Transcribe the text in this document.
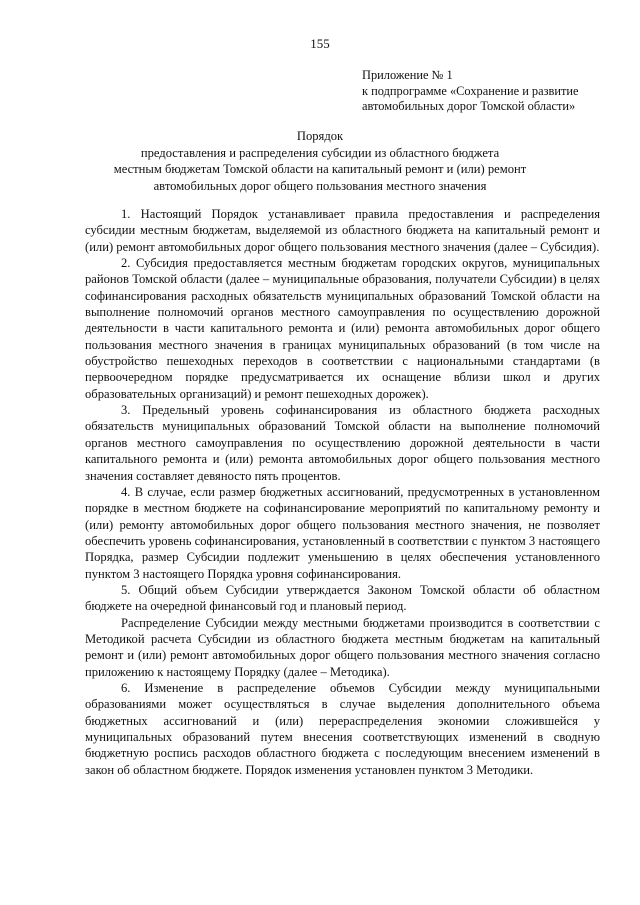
155
Приложение № 1
к подпрограмме «Сохранение и развитие
автомобильных дорог Томской области»
Порядок
предоставления и распределения субсидии из областного бюджета
местным бюджетам Томской области на капитальный ремонт и (или) ремонт
автомобильных дорог общего пользования местного значения

1. Настоящий Порядок устанавливает правила предоставления и распределения субсидии местным бюджетам, выделяемой из областного бюджета на капитальный ремонт и (или) ремонт автомобильных дорог общего пользования местного значения (далее – Субсидия).

2. Субсидия предоставляется местным бюджетам городских округов, муниципальных районов Томской области (далее – муниципальные образования, получатели Субсидии) в целях софинансирования расходных обязательств муниципальных образований Томской области на выполнение полномочий органов местного самоуправления по осуществлению дорожной деятельности в части капитального ремонта и (или) ремонта автомобильных дорог общего пользования местного значения в границах муниципальных образований (в том числе на обустройство пешеходных переходов в соответствии с национальными стандартами (в первоочередном порядке предусматривается их оснащение вблизи школ и других образовательных организаций) и ремонт пешеходных дорожек).

3. Предельный уровень софинансирования из областного бюджета расходных обязательств муниципальных образований Томской области на выполнение полномочий органов местного самоуправления по осуществлению дорожной деятельности в части капитального ремонта и (или) ремонта автомобильных дорог общего пользования местного значения составляет девяносто пять процентов.

4. В случае, если размер бюджетных ассигнований, предусмотренных в установленном порядке в местном бюджете на софинансирование мероприятий по капитальному ремонту и (или) ремонту автомобильных дорог общего пользования местного значения, не позволяет обеспечить уровень софинансирования, установленный в соответствии с пунктом 3 настоящего Порядка, размер Субсидии подлежит уменьшению в целях обеспечения установленного пунктом 3 настоящего Порядка уровня софинансирования.

5. Общий объем Субсидии утверждается Законом Томской области об областном бюджете на очередной финансовый год и плановый период.

Распределение Субсидии между местными бюджетами производится в соответствии с Методикой расчета Субсидии из областного бюджета местным бюджетам на капитальный ремонт и (или) ремонт автомобильных дорог общего пользования местного значения согласно приложению к настоящему Порядку (далее – Методика).

6. Изменение в распределение объемов Субсидии между муниципальными образованиями может осуществляться в случае выделения дополнительного объема бюджетных ассигнований и (или) перераспределения экономии сложившейся у муниципальных образований путем внесения соответствующих изменений в сводную бюджетную роспись расходов областного бюджета с последующим внесением изменений в закон об областном бюджете. Порядок изменения установлен пунктом 3 Методики.
